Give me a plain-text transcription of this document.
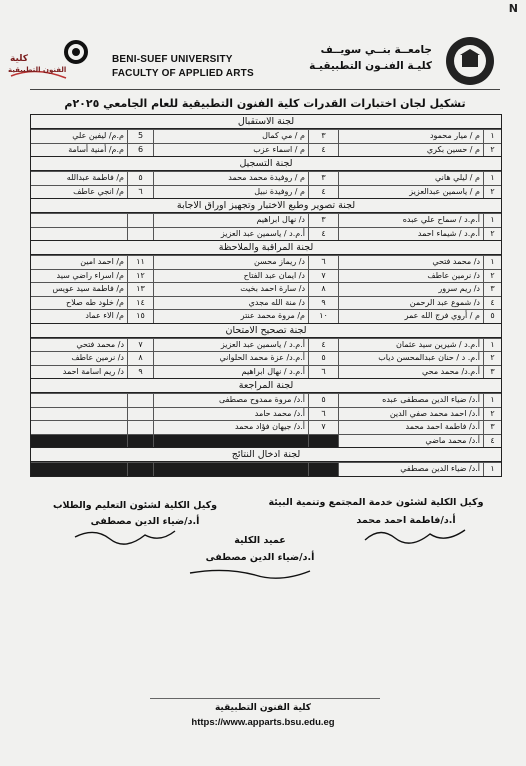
N
كلية
الفنون التطبيقية
BENI-SUEF UNIVERSITY
FACULTY OF APPLIED ARTS
جامعــة بنــي سويــف
كليـة الفنـون التطبيقيـة
تشكيل لجان اختبارات القدرات كلية الفنون التطبيقية للعام الجامعي ٢٠٢٥م
لجنة الاستقبال
١
م / ميار محمود
٣
م / مي كمال
5
م.م/ ليفين علي
٢
م / حسين بكري
٤
م / اسماء عزب
6
م.م/ أمنية أسامة
لجنة التسجيل
١
م / ليلي هاني
٣
م / روفيدة محمد محمد
٥
م/ فاطمة عبدالله
٢
م / ياسمين عبدالعزيز
٤
م / روفيدة نبيل
٦
م/ انجي عاطف
لجنة تصوير وطبع الاختبار وتجهيز اوراق الاجابة
١
أ.م.د / سماح علي عبده
٣
د/ نهال ابراهيم
٢
أ.م.د / شيماء احمد
٤
أ.م.د / ياسمين عبد العزيز
لجنة المراقبة والملاحظة
١
د/ محمد فتحي
٦
د/ ريماز محسن
١١
م/ احمد امين
٢
د/ نرمين عاطف
٧
د/ ايمان عبد الفتاح
١٢
م/ اسراء راضي سيد
٣
د/ ريم سرور
٨
د/ سارة احمد بخيت
١٣
م/ فاطمة سيد عويس
٤
د/ شموع عبد الرحمن
٩
د/ منة الله مجدي
١٤
م/ خلود طه صلاح
٥
م / أروي فرج الله عمر
١٠
م/ مروة محمد عنتر
١٥
م/ الاء عماد
لجنة تصحيح الامتحان
١
أ.م.د / شيرين سيد عثمان
٤
أ.م.د / ياسمين عبد العزيز
٧
د/ محمد فتحي
٢
أ.م. د / حنان عبدالمحسن دياب
٥
أ.م.د/ عزة محمد الحلواني
٨
د/ نرمين عاطف
٣
أ.م.د/ محمد محي
٦
أ.م.د / نهال ابراهيم
٩
د/ ريم اسامة احمد
لجنة المراجعة
١
أ.د/ ضياء الدين مصطفى عبده
٥
أ.د/ مروة ممدوح مصطفى
٢
أ.د/ احمد محمد صفي الدين
٦
أ.د/ محمد حامد
٣
أ.د/ فاطمة احمد محمد
٧
أ.د/ جيهان فؤاد محمد
٤
أ.د/ محمد ماضي
لجنة ادخال النتائج
١
أ.د/ ضياء الدين مصطفي
وكيل الكلية لشئون خدمة المجتمع وتنمية البيئة
أ.د/فاطمة احمد محمد
وكيل الكلية لشئون التعليم والطلاب
أ.د/ضياء الدين مصطفى
عميد الكلية
أ.د/ضياء الدين مصطفى
كلية الفنون التطبيقية
https://www.apparts.bsu.edu.eg
